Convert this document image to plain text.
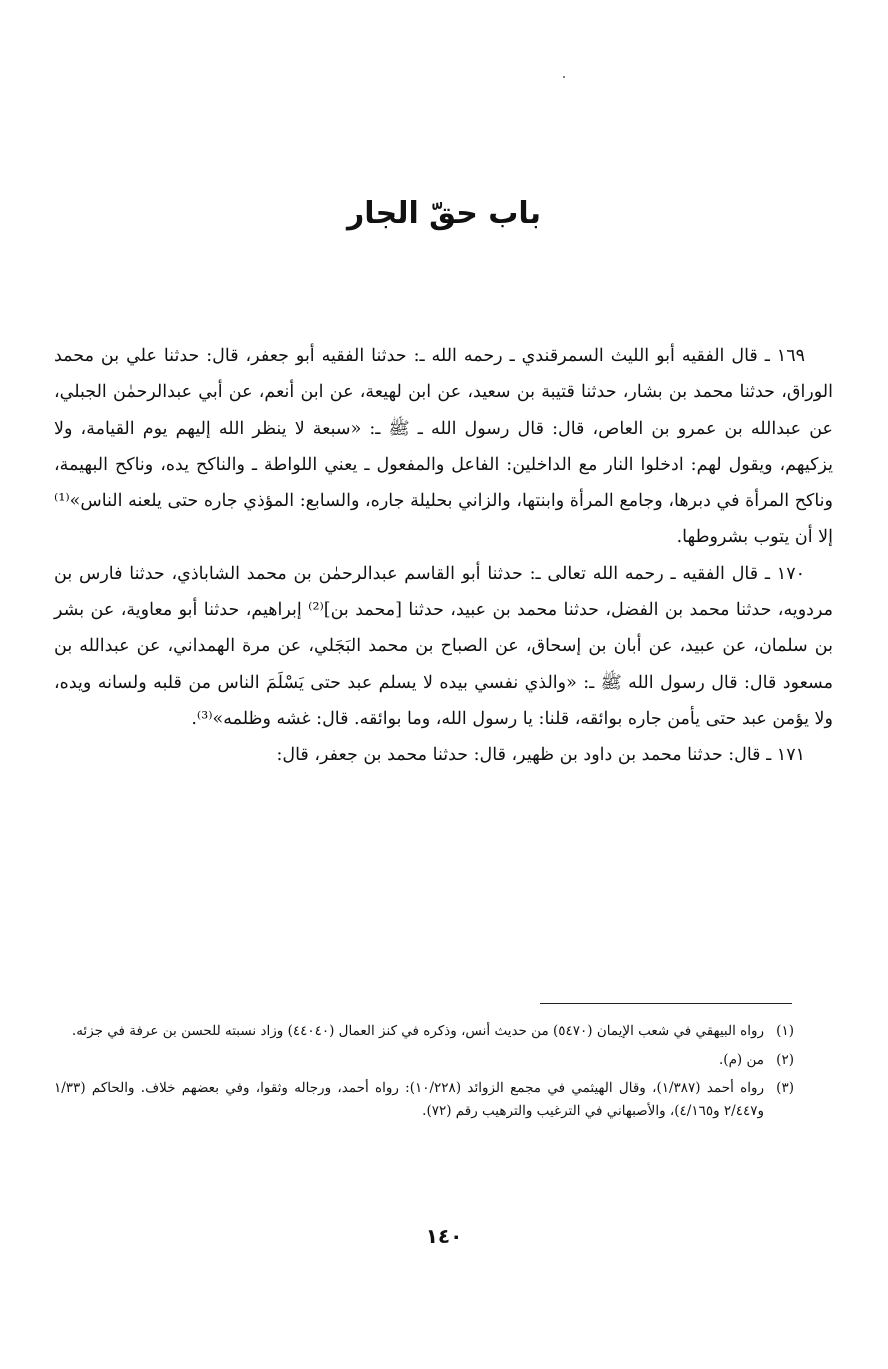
باب حقّ الجار

١٦٩ ـ قال الفقيه أبو الليث السمرقندي ـ رحمه الله ـ: حدثنا الفقيه أبو جعفر، قال: حدثنا علي بن محمد الوراق، حدثنا محمد بن بشار، حدثنا قتيبة بن سعيد، عن ابن لهيعة، عن ابن أنعم، عن أبي عبدالرحمٰن الجبلي، عن عبدالله بن عمرو بن العاص، قال: قال رسول الله ـ ﷺ ـ: «سبعة لا ينظر الله إليهم يوم القيامة، ولا يزكيهم، ويقول لهم: ادخلوا النار مع الداخلين: الفاعل والمفعول ـ يعني اللواطة ـ والناكح يده، وناكح البهيمة، وناكح المرأة في دبرها، وجامع المرأة وابنتها، والزاني بحليلة جاره، والسابع: المؤذي جاره حتى يلعنه الناس»⁽¹⁾ إلا أن يتوب بشروطها.

١٧٠ ـ قال الفقيه ـ رحمه الله تعالى ـ: حدثنا أبو القاسم عبدالرحمٰن بن محمد الشاباذي، حدثنا فارس بن مردويه، حدثنا محمد بن الفضل، حدثنا محمد بن عبيد، حدثنا [محمد بن]⁽²⁾ إبراهيم، حدثنا أبو معاوية، عن بشر بن سلمان، عن عبيد، عن أبان بن إسحاق، عن الصباح بن محمد البَجَلي، عن مرة الهمداني، عن عبدالله بن مسعود قال: قال رسول الله ﷺ ـ: «والذي نفسي بيده لا يسلم عبد حتى يَسْلَمَ الناس من قلبه ولسانه ويده، ولا يؤمن عبد حتى يأمن جاره بوائقه، قلنا: يا رسول الله، وما بوائقه. قال: غشه وظلمه»⁽³⁾.

١٧١ ـ قال: حدثنا محمد بن داود بن ظهير، قال: حدثنا محمد بن جعفر، قال:

(١)
رواه البيهقي في شعب الإيمان (٥٤٧٠) من حديث أنس، وذكره في كنز العمال (٤٤٠٤٠) وزاد نسبته للحسن بن عرفة في جزئه.
(٢)
من (م).
(٣)
رواه أحمد (١/٣٨٧)، وقال الهيثمي في مجمع الزوائد (١٠/٢٢٨): رواه أحمد، ورجاله وثقوا، وفي بعضهم خلاف. والحاكم (١/٣٣ و٢/٤٤٧ و٤/١٦٥)، والأصبهاني في الترغيب والترهيب رقم (٧٢).
١٤٠
